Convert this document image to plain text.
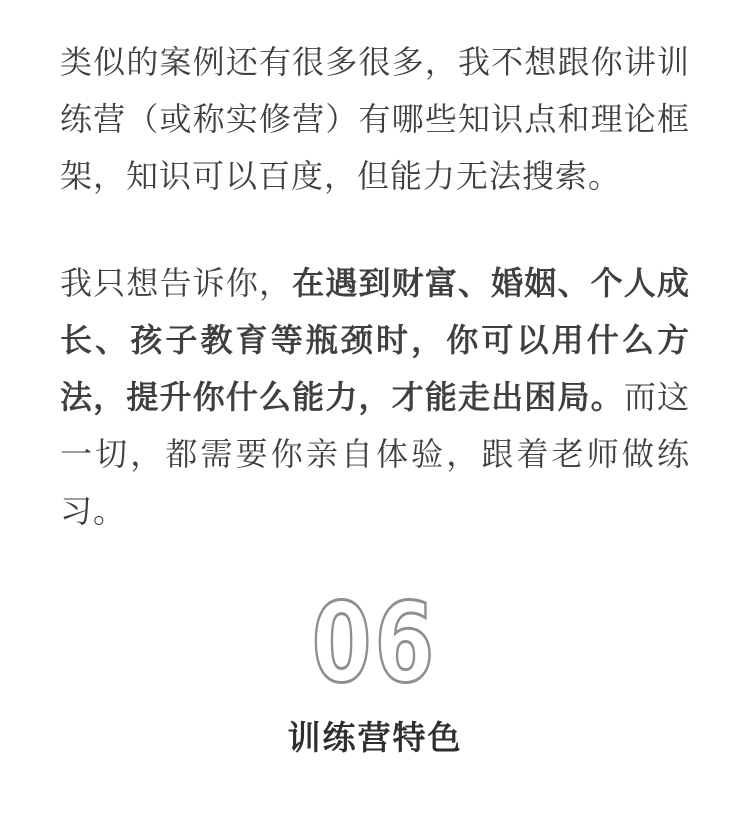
类似的案例还有很多很多，我不想跟你讲训练营（或称实修营）有哪些知识点和理论框架，知识可以百度，但能力无法搜索。

我只想告诉你，在遇到财富、婚姻、个人成长、孩子教育等瓶颈时，你可以用什么方法，提升你什么能力，才能走出困局。而这一切，都需要你亲自体验，跟着老师做练习。

06
训练营特色
